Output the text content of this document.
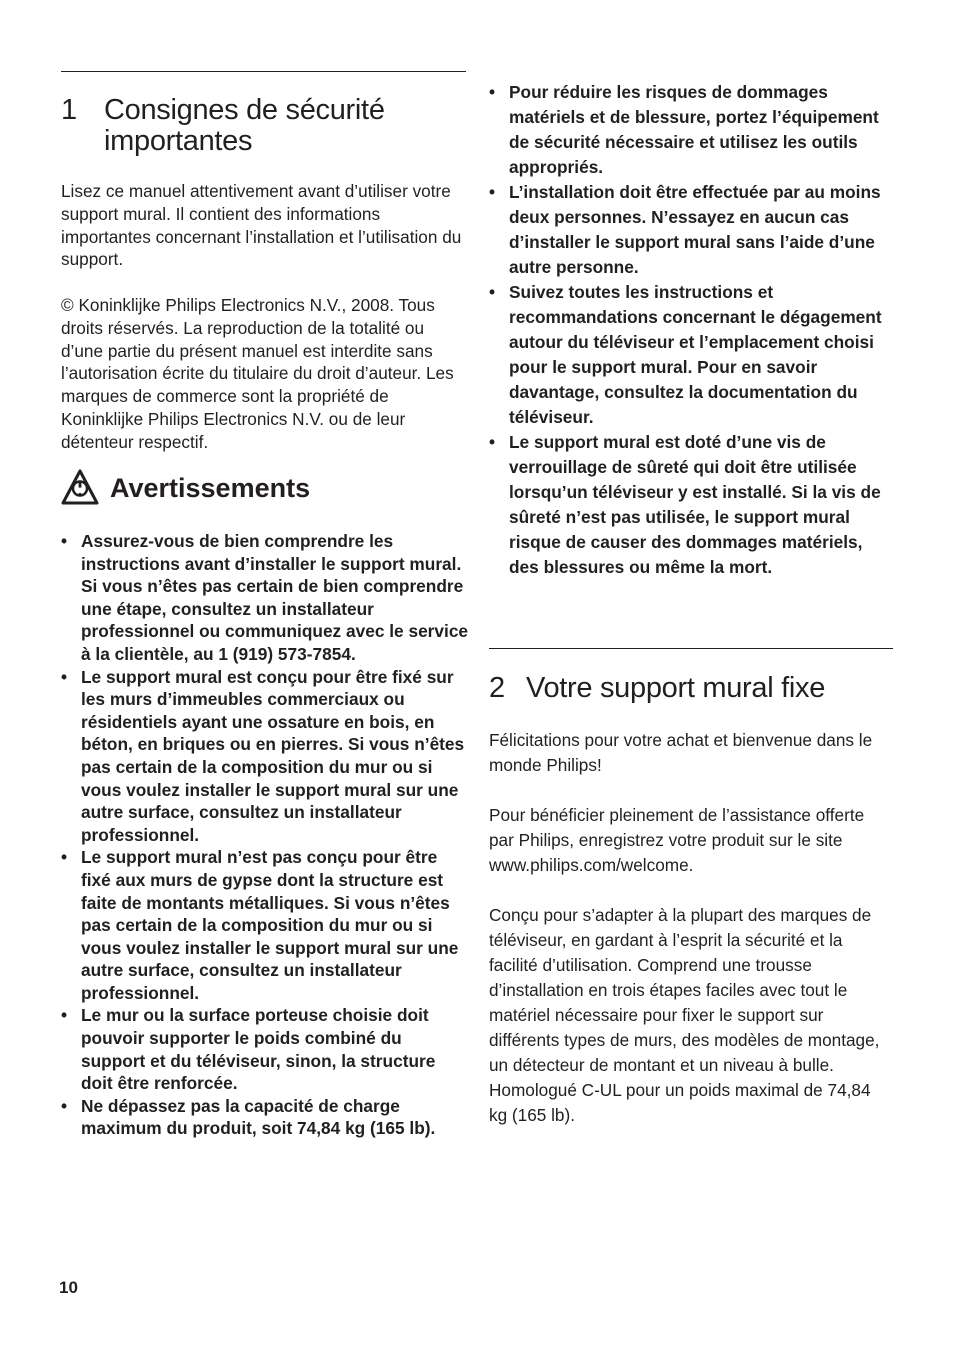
1 Consignes de sécurité importantes

Lisez ce manuel attentivement avant d’utiliser votre support mural. Il contient des informations importantes concernant l’installation et l’utilisation du support.

© Koninklijke Philips Electronics N.V., 2008. Tous droits réservés. La reproduction de la totalité ou d’une partie du présent manuel est interdite sans l’autorisation écrite du titulaire du droit d’auteur. Les marques de commerce sont la propriété de Koninklijke Philips Electronics N.V. ou de leur détenteur respectif.

Avertissements
• Assurez-vous de bien comprendre les instructions avant d’installer le support mural. Si vous n’êtes pas certain de bien comprendre une étape, consultez un installateur professionnel ou communiquez avec le service à la clientèle, au 1 (919) 573-7854.
• Le support mural est conçu pour être fixé sur les murs d’immeubles commerciaux ou résidentiels ayant une ossature en bois, en béton, en briques ou en pierres. Si vous n’êtes pas certain de la composition du mur ou si vous voulez installer le support mural sur une autre surface, consultez un installateur professionnel.
• Le support mural n’est pas conçu pour être fixé aux murs de gypse dont la structure est faite de montants métalliques. Si vous n’êtes pas certain de la composition du mur ou si vous voulez installer le support mural sur une autre surface, consultez un installateur professionnel.
• Le mur ou la surface porteuse choisie doit pouvoir supporter le poids combiné du support et du téléviseur, sinon, la structure doit être renforcée.
• Ne dépassez pas la capacité de charge maximum du produit, soit 74,84 kg (165 lb).
• Pour réduire les risques de dommages matériels et de blessure, portez l’équipement de sécurité nécessaire et utilisez les outils appropriés.
• L’installation doit être effectuée par au moins deux personnes. N’essayez en aucun cas d’installer le support mural sans l’aide d’une autre personne.
• Suivez toutes les instructions et recommandations concernant le dégagement autour du téléviseur et l’emplacement choisi pour le support mural. Pour en savoir davantage, consultez la documentation du téléviseur.
• Le support mural est doté d’une vis de verrouillage de sûreté qui doit être utilisée lorsqu’un téléviseur y est installé. Si la vis de sûreté n’est pas utilisée, le support mural risque de causer des dommages matériels, des blessures ou même la mort.
2 Votre support mural fixe

Félicitations pour votre achat et bienvenue dans le monde Philips!

Pour bénéficier pleinement de l’assistance offerte par Philips, enregistrez votre produit sur le site www.philips.com/welcome.

Conçu pour s’adapter à la plupart des marques de téléviseur, en gardant à l’esprit la sécurité et la facilité d’utilisation. Comprend une trousse d’installation en trois étapes faciles avec tout le matériel nécessaire pour fixer le support sur différents types de murs, des modèles de montage, un détecteur de montant et un niveau à bulle. Homologué C-UL pour un poids maximal de 74,84 kg (165 lb).

10
